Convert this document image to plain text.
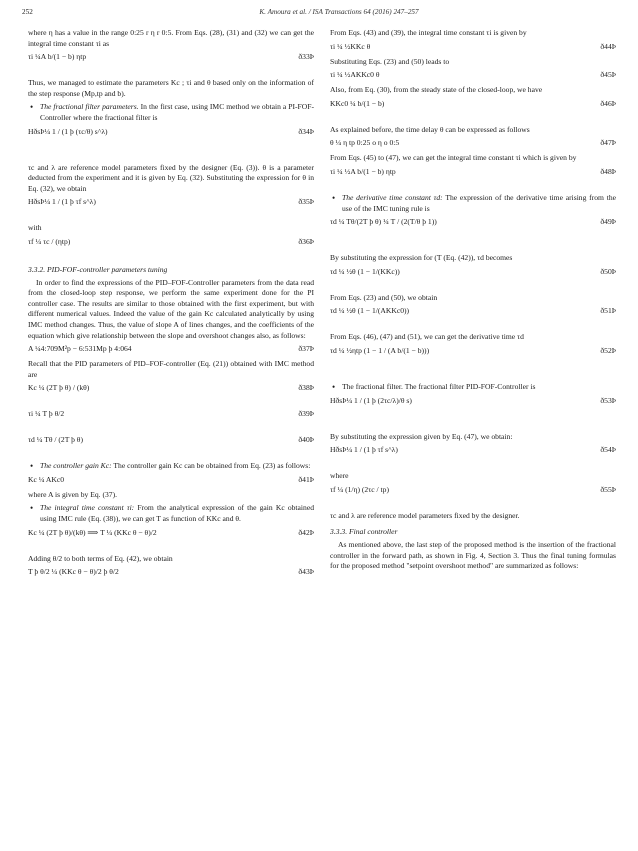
252	K. Amoura et al. / ISA Transactions 64 (2016) 247–257

where η has a value in the range 0:25 r η r 0:5. From Eqs. (28), (31) and (32) we can get the integral time constant τi as

τi ¼A b/(1 − b) ηtp	ð33Þ

Thus, we managed to estimate the parameters Kc ; τi and θ based only on the information of the step response (Mp,tp and b).

• The fractional filter parameters. In the first case, using IMC method we obtain a PI-FOF-Controller where the fractional filter is
HðsÞ¼ 1 / (1 þ (τc/θ) s^λ)	ð34Þ

τc and λ are reference model parameters fixed by the designer (Eq. (3)). θ is a parameter deducted from the experiment and it is given by Eq. (32). Substituting the expression for θ in Eq. (32), we obtain

HðsÞ¼ 1 / (1 þ τf s^λ)	ð35Þ

with

τf ¼ τc / (ηtp)	ð36Þ
3.3.2. PID-FOF-controller parameters tuning

In order to find the expressions of the PID–FOF-Controller parameters from the data read from the closed-loop step response, we perform the same experiment done for the PI controller case. The results are similar to those obtained with the first experiment, but with different numerical values. Indeed the value of the gain Kc calculated analytically by using IMC method changes. Thus, the value of slope A of lines changes, and the coefficients of the equation which give relationship between the slope and overshoot changes also, as follows:

A ¼4:709M²p − 6:531Mp þ 4:064	ð37Þ

Recall that the PID parameters of PID–FOF-controller (Eq. (21)) obtained with IMC method are

Kc ¼ (2T þ θ) / (kθ)	ð38Þ
τi ¼ T þ θ/2	ð39Þ
τd ¼ Tθ / (2T þ θ)	ð40Þ
• The controller gain Kc: The controller gain Kc can be obtained from Eq. (23) as follows:
Kc ¼ AKc0	ð41Þ

where A is given by Eq. (37).

• The integral time constant τi: From the analytical expression of the gain Kc obtained using IMC rule (Eq. (38)), we can get T as function of KKc and θ.
Kc ¼ (2T þ θ)/(kθ) ⟹ T ¼ (KKc θ − θ)/2	ð42Þ

Adding θ/2 to both terms of Eq. (42), we obtain

T þ θ/2 ¼ (KKc θ − θ)/2 þ θ/2	ð43Þ

From Eqs. (43) and (39), the integral time constant τi is given by

τi ¼ ½KKc θ	ð44Þ

Substituting Eqs. (23) and (50) leads to

τi ¼ ½AKKc0 θ	ð45Þ

Also, from Eq. (30), from the steady state of the closed-loop, we have

KKc0 ¼ b/(1 − b)	ð46Þ

As explained before, the time delay θ can be expressed as follows

θ ¼ η tp 0:25 o η o 0:5	ð47Þ

From Eqs. (45) to (47), we can get the integral time constant τi which is given by

τi ¼ ½A b/(1 − b) ηtp	ð48Þ
• The derivative time constant τd: The expression of the derivative time arising from the use of the IMC tuning rule is
τd ¼ Tθ/(2T þ θ) ¼ T / (2(T/θ þ 1))	ð49Þ

By substituting the expression for (T (Eq. (42)), τd becomes

τd ¼ ½θ (1 − 1/(KKc))	ð50Þ

From Eqs. (23) and (50), we obtain

τd ¼ ½θ (1 − 1/(AKKc0))	ð51Þ

From Eqs. (46), (47) and (51), we can get the derivative time τd

τd ¼ ½ηtp (1 − 1 / (A b/(1 − b)))	ð52Þ
• The fractional filter. The fractional filter PID-FOF-Controller is
HðsÞ¼ 1 / (1 þ (2τc/λ)/θ s)	ð53Þ

By substituting the expression given by Eq. (47), we obtain:

HðsÞ¼ 1 / (1 þ τf s^λ)	ð54Þ

where

τf ¼ (1/η) (2τc / tp)	ð55Þ

τc and λ are reference model parameters fixed by the designer.

3.3.3. Final controller

As mentioned above, the last step of the proposed method is the insertion of the fractional controller in the forward path, as shown in Fig. 4, Section 3. Thus the final tuning formulas for the proposed method "setpoint overshoot method" are summarized as follows:
